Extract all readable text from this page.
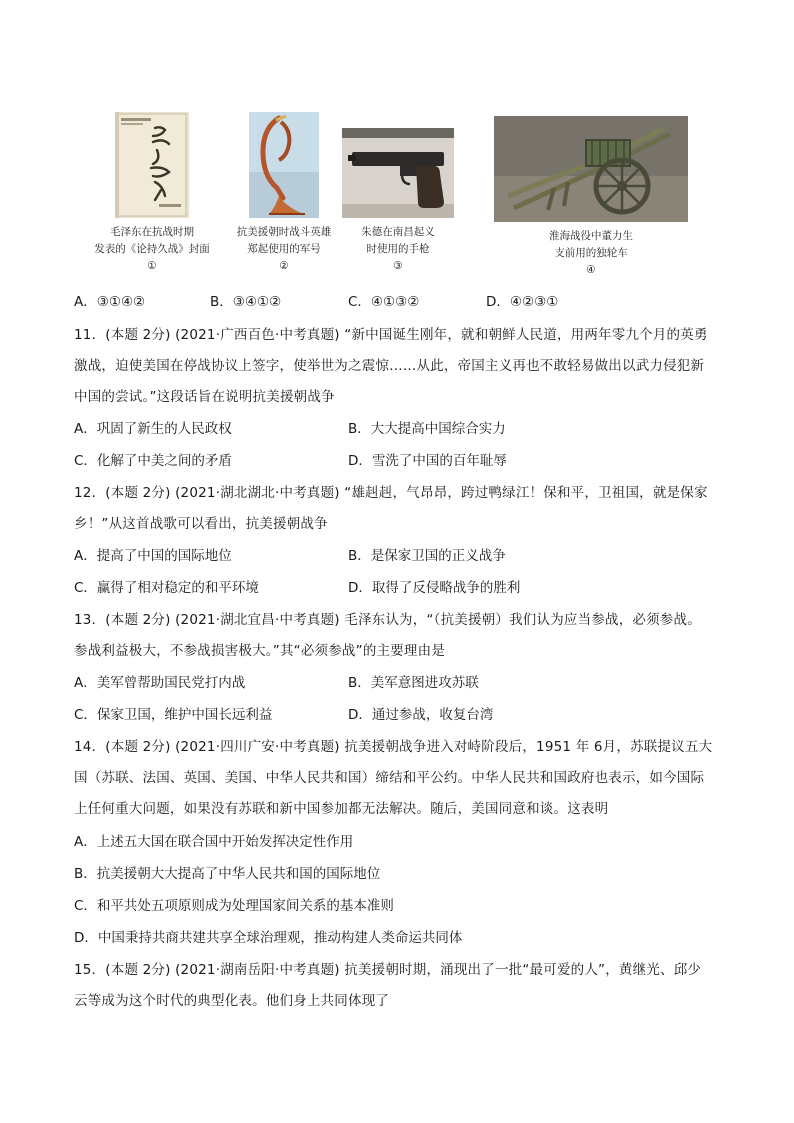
毛泽东在抗战时期
发表的《论持久战》封面
①
抗美援朝时战斗英雄
郑起使用的军号
②
朱德在南昌起义
时使用的手枪
③
淮海战役中董力生
支前用的独轮车
④
A．③①④②	B．③④①②	C．④①③②	D．④②③①
11．(本题 2分) (2021·广西百色·中考真题) “新中国诞生刚年，就和朝鲜人民道，用两年零九个月的英勇
激战，迫使美国在停战协议上签字，使举世为之震惊……从此，帝国主义再也不敢轻易做出以武力侵犯新
中国的尝试。”这段话旨在说明抗美援朝战争
A．巩固了新生的人民政权	B．大大提高中国综合实力
C．化解了中美之间的矛盾	D．雪洗了中国的百年耻辱
12．(本题 2分) (2021·湖北湖北·中考真题) “雄赳赳，气昂昂，跨过鸭绿江！保和平，卫祖国，就是保家
乡！”从这首战歌可以看出，抗美援朝战争
A．提高了中国的国际地位	B．是保家卫国的正义战争
C．赢得了相对稳定的和平环境	D．取得了反侵略战争的胜利
13．(本题 2分) (2021·湖北宜昌·中考真题) 毛泽东认为，“（抗美援朝）我们认为应当参战，必须参战。
参战利益极大，不参战损害极大。”其“必须参战”的主要理由是
A．美军曾帮助国民党打内战	B．美军意图进攻苏联
C．保家卫国，维护中国长远利益	D．通过参战，收复台湾
14．(本题 2分) (2021·四川广安·中考真题) 抗美援朝战争进入对峙阶段后，1951 年 6月，苏联提议五大
国（苏联、法国、英国、美国、中华人民共和国）缔结和平公约。中华人民共和国政府也表示，如今国际
上任何重大问题，如果没有苏联和新中国参加都无法解决。随后，美国同意和谈。这表明
A．上述五大国在联合国中开始发挥决定性作用
B．抗美援朝大大提高了中华人民共和国的国际地位
C．和平共处五项原则成为处理国家间关系的基本准则
D．中国秉持共商共建共享全球治理观，推动构建人类命运共同体
15．(本题 2分) (2021·湖南岳阳·中考真题) 抗美援朝时期，涌现出了一批“最可爱的人”，黄继光、邱少
云等成为这个时代的典型化表。他们身上共同体现了
